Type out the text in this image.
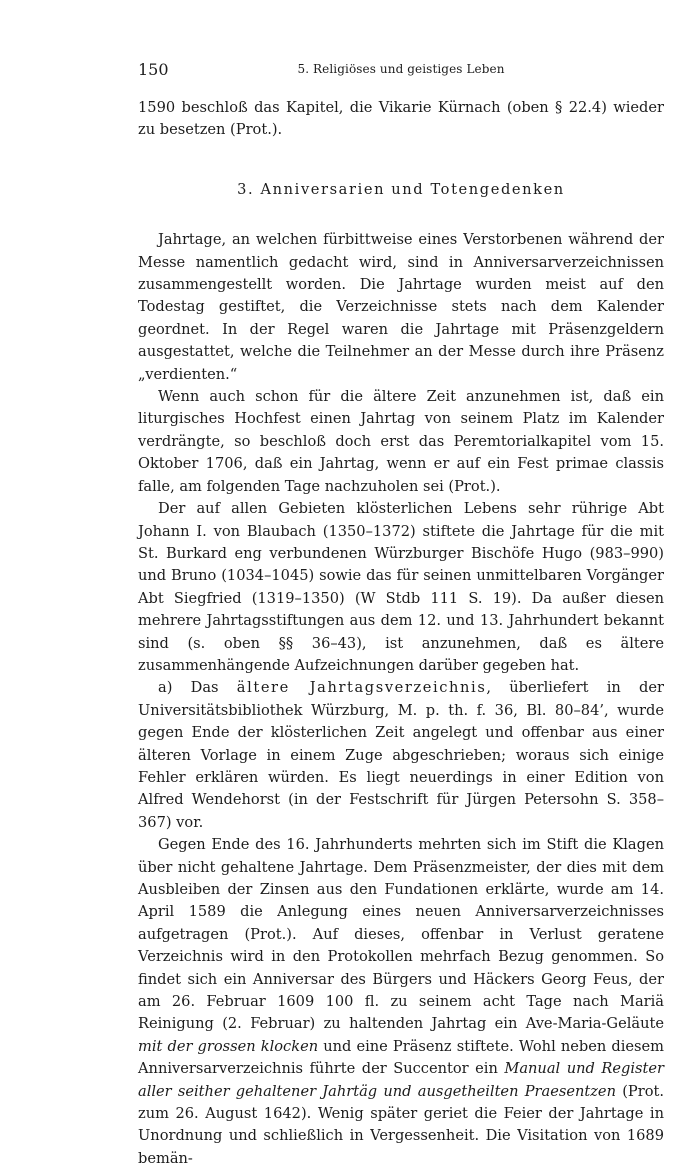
150	5. Religiöses und geistiges Leben

1590 beschloß das Kapitel, die Vikarie Kürnach (oben § 22.4) wieder zu besetzen (Prot.).

3. Anniversarien und Totengedenken

Jahrtage, an welchen fürbittweise eines Verstorbenen während der Messe namentlich gedacht wird, sind in Anniversarverzeichnissen zusammengestellt worden. Die Jahrtage wurden meist auf den Todestag gestiftet, die Verzeichnisse stets nach dem Kalender geordnet. In der Regel waren die Jahrtage mit Präsenzgeldern ausgestattet, welche die Teilnehmer an der Messe durch ihre Präsenz „verdienten.“

Wenn auch schon für die ältere Zeit anzunehmen ist, daß ein liturgisches Hochfest einen Jahrtag von seinem Platz im Kalender verdrängte, so beschloß doch erst das Peremtorialkapitel vom 15. Oktober 1706, daß ein Jahrtag, wenn er auf ein Fest primae classis falle, am folgenden Tage nachzuholen sei (Prot.).

Der auf allen Gebieten klösterlichen Lebens sehr rührige Abt Johann I. von Blaubach (1350–1372) stiftete die Jahrtage für die mit St. Burkard eng verbundenen Würzburger Bischöfe Hugo (983–990) und Bruno (1034–1045) sowie das für seinen unmittelbaren Vorgänger Abt Siegfried (1319–1350) (W Stdb 111 S. 19). Da außer diesen mehrere Jahrtagsstiftungen aus dem 12. und 13. Jahrhundert bekannt sind (s. oben §§ 36–43), ist anzunehmen, daß es ältere zusammenhängende Aufzeichnungen darüber gegeben hat.

a) Das ältere Jahrtagsverzeichnis, überliefert in der Universitätsbibliothek Würzburg, M. p. th. f. 36, Bl. 80–84’, wurde gegen Ende der klösterlichen Zeit angelegt und offenbar aus einer älteren Vorlage in einem Zuge abgeschrieben; woraus sich einige Fehler erklären würden. Es liegt neuerdings in einer Edition von Alfred Wendehorst (in der Festschrift für Jürgen Petersohn S. 358–367) vor.

Gegen Ende des 16. Jahrhunderts mehrten sich im Stift die Klagen über nicht gehaltene Jahrtage. Dem Präsenzmeister, der dies mit dem Ausbleiben der Zinsen aus den Fundationen erklärte, wurde am 14. April 1589 die Anlegung eines neuen Anniversarverzeichnisses aufgetragen (Prot.). Auf dieses, offenbar in Verlust geratene Verzeichnis wird in den Protokollen mehrfach Bezug genommen. So findet sich ein Anniversar des Bürgers und Häckers Georg Feus, der am 26. Februar 1609 100 fl. zu seinem acht Tage nach Mariä Reinigung (2. Februar) zu haltenden Jahrtag ein Ave-Maria-Geläute mit der grossen klocken und eine Präsenz stiftete. Wohl neben diesem Anniversarverzeichnis führte der Succentor ein Manual und Register aller seither gehaltener Jahrtäg und ausgetheilten Praesentzen (Prot. zum 26. August 1642). Wenig später geriet die Feier der Jahrtage in Unordnung und schließlich in Vergessenheit. Die Visitation von 1689 bemän-
